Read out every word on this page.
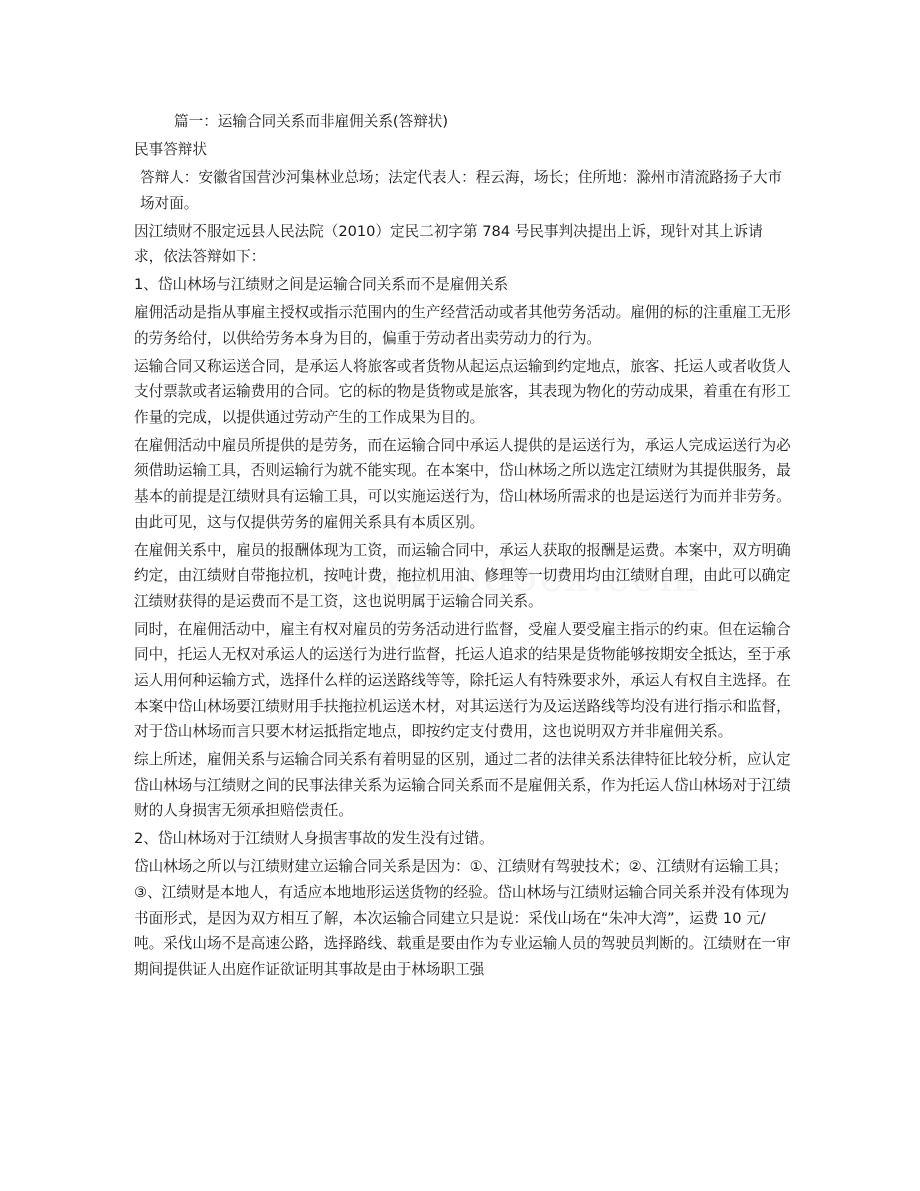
篇一：运输合同关系而非雇佣关系(答辩状)

民事答辩状

答辩人：安徽省国营沙河集林业总场；法定代表人：程云海，场长；住所地：滁州市清流路扬子大市场对面。

因江绩财不服定远县人民法院（2010）定民二初字第 784 号民事判决提出上诉，现针对其上诉请求，依法答辩如下：

1、岱山林场与江绩财之间是运输合同关系而不是雇佣关系

雇佣活动是指从事雇主授权或指示范围内的生产经营活动或者其他劳务活动。雇佣的标的注重雇工无形的劳务给付，以供给劳务本身为目的，偏重于劳动者出卖劳动力的行为。

运输合同又称运送合同，是承运人将旅客或者货物从起运点运输到约定地点，旅客、托运人或者收货人支付票款或者运输费用的合同。它的标的物是货物或是旅客，其表现为物化的劳动成果，着重在有形工作量的完成，以提供通过劳动产生的工作成果为目的。

在雇佣活动中雇员所提供的是劳务，而在运输合同中承运人提供的是运送行为，承运人完成运送行为必须借助运输工具，否则运输行为就不能实现。在本案中，岱山林场之所以选定江绩财为其提供服务，最基本的前提是江绩财具有运输工具，可以实施运送行为，岱山林场所需求的也是运送行为而并非劳务。由此可见，这与仅提供劳务的雇佣关系具有本质区别。

在雇佣关系中，雇员的报酬体现为工资，而运输合同中，承运人获取的报酬是运费。本案中，双方明确约定，由江绩财自带拖拉机，按吨计费，拖拉机用油、修理等一切费用均由江绩财自理，由此可以确定江绩财获得的是运费而不是工资，这也说明属于运输合同关系。

同时，在雇佣活动中，雇主有权对雇员的劳务活动进行监督，受雇人要受雇主指示的约束。但在运输合同中，托运人无权对承运人的运送行为进行监督，托运人追求的结果是货物能够按期安全抵达，至于承运人用何种运输方式，选择什么样的运送路线等等，除托运人有特殊要求外，承运人有权自主选择。在本案中岱山林场要江绩财用手扶拖拉机运送木材，对其运送行为及运送路线等均没有进行指示和监督，对于岱山林场而言只要木材运抵指定地点，即按约定支付费用，这也说明双方并非雇佣关系。

综上所述，雇佣关系与运输合同关系有着明显的区别，通过二者的法律关系法律特征比较分析，应认定岱山林场与江绩财之间的民事法律关系为运输合同关系而不是雇佣关系，作为托运人岱山林场对于江绩财的人身损害无须承担赔偿责任。

2、岱山林场对于江绩财人身损害事故的发生没有过错。

岱山林场之所以与江绩财建立运输合同关系是因为：①、江绩财有驾驶技术；②、江绩财有运输工具；③、江绩财是本地人，有适应本地地形运送货物的经验。岱山林场与江绩财运输合同关系并没有体现为书面形式，是因为双方相互了解，本次运输合同建立只是说：采伐山场在“朱冲大湾”，运费 10 元/吨。采伐山场不是高速公路，选择路线、载重是要由作为专业运输人员的驾驶员判断的。江绩财在一审期间提供证人出庭作证欲证明其事故是由于林场职工强
